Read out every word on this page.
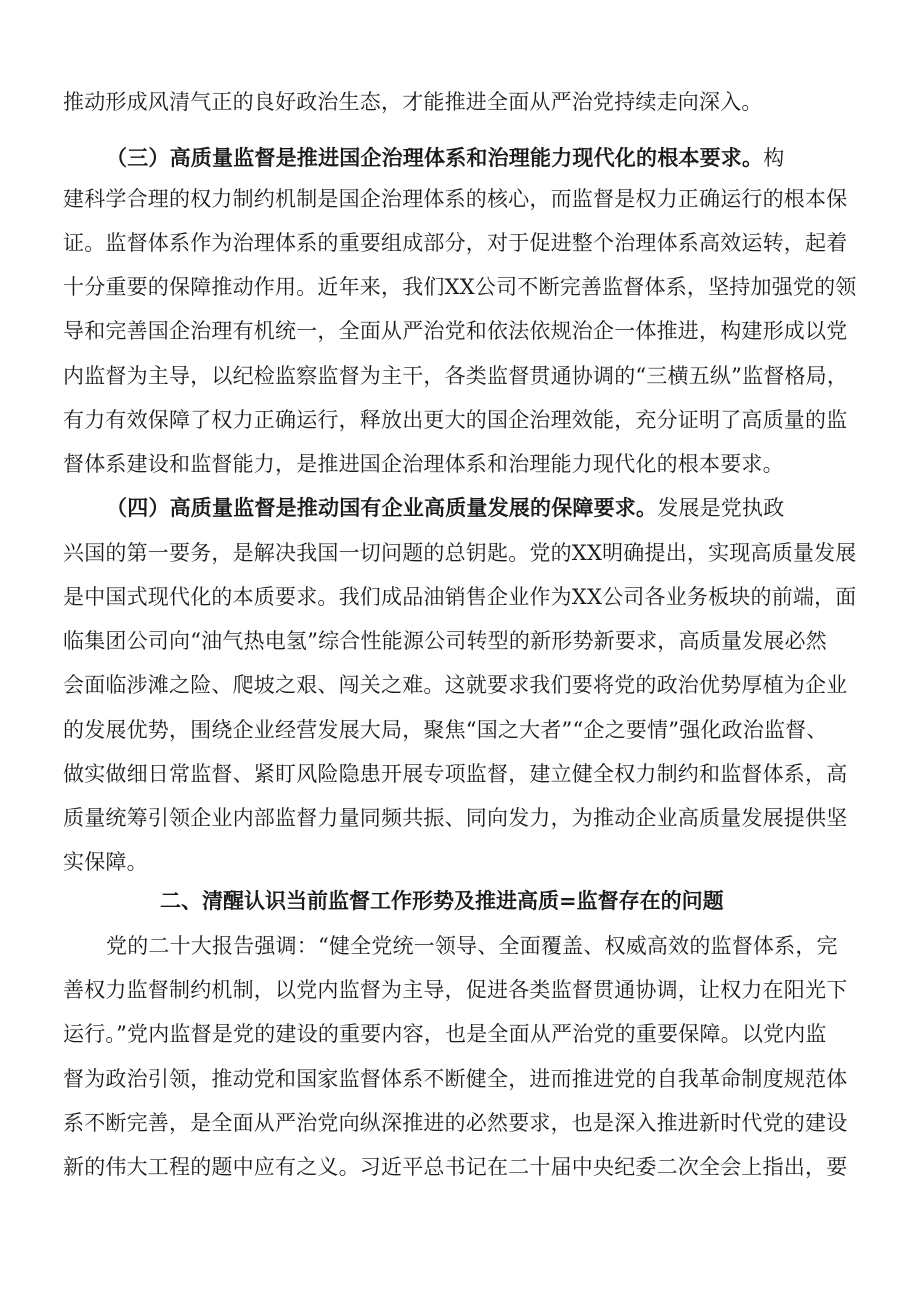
推动形成风清气正的良好政治生态，才能推进全面从严治党持续走向深入。
（三）高质量监督是推进国企治理体系和治理能力现代化的根本要求。构
建科学合理的权力制约机制是国企治理体系的核心，而监督是权力正确运行的根本保
证。监督体系作为治理体系的重要组成部分，对于促进整个治理体系高效运转，起着
十分重要的保障推动作用。近年来，我们XX公司不断完善监督体系，坚持加强党的领
导和完善国企治理有机统一，全面从严治党和依法依规治企一体推进，构建形成以党
内监督为主导，以纪检监察监督为主干，各类监督贯通协调的“三横五纵”监督格局，
有力有效保障了权力正确运行，释放出更大的国企治理效能，充分证明了高质量的监
督体系建设和监督能力，是推进国企治理体系和治理能力现代化的根本要求。
（四）高质量监督是推动国有企业高质量发展的保障要求。发展是党执政
兴国的第一要务，是解决我国一切问题的总钥匙。党的XX明确提出，实现高质量发展
是中国式现代化的本质要求。我们成品油销售企业作为XX公司各业务板块的前端，面
临集团公司向“油气热电氢”综合性能源公司转型的新形势新要求，高质量发展必然
会面临涉滩之险、爬坡之艰、闯关之难。这就要求我们要将党的政治优势厚植为企业
的发展优势，围绕企业经营发展大局，聚焦“国之大者”“企之要情”强化政治监督、
做实做细日常监督、紧盯风险隐患开展专项监督，建立健全权力制约和监督体系，高
质量统筹引领企业内部监督力量同频共振、同向发力，为推动企业高质量发展提供坚
实保障。
二、清醒认识当前监督工作形势及推进高质=监督存在的问题
党的二十大报告强调：“健全党统一领导、全面覆盖、权威高效的监督体系，完
善权力监督制约机制，以党内监督为主导，促进各类监督贯通协调，让权力在阳光下
运行。”党内监督是党的建设的重要内容，也是全面从严治党的重要保障。以党内监
督为政治引领，推动党和国家监督体系不断健全，进而推进党的自我革命制度规范体
系不断完善，是全面从严治党向纵深推进的必然要求，也是深入推进新时代党的建设
新的伟大工程的题中应有之义。习近平总书记在二十届中央纪委二次全会上指出，要
